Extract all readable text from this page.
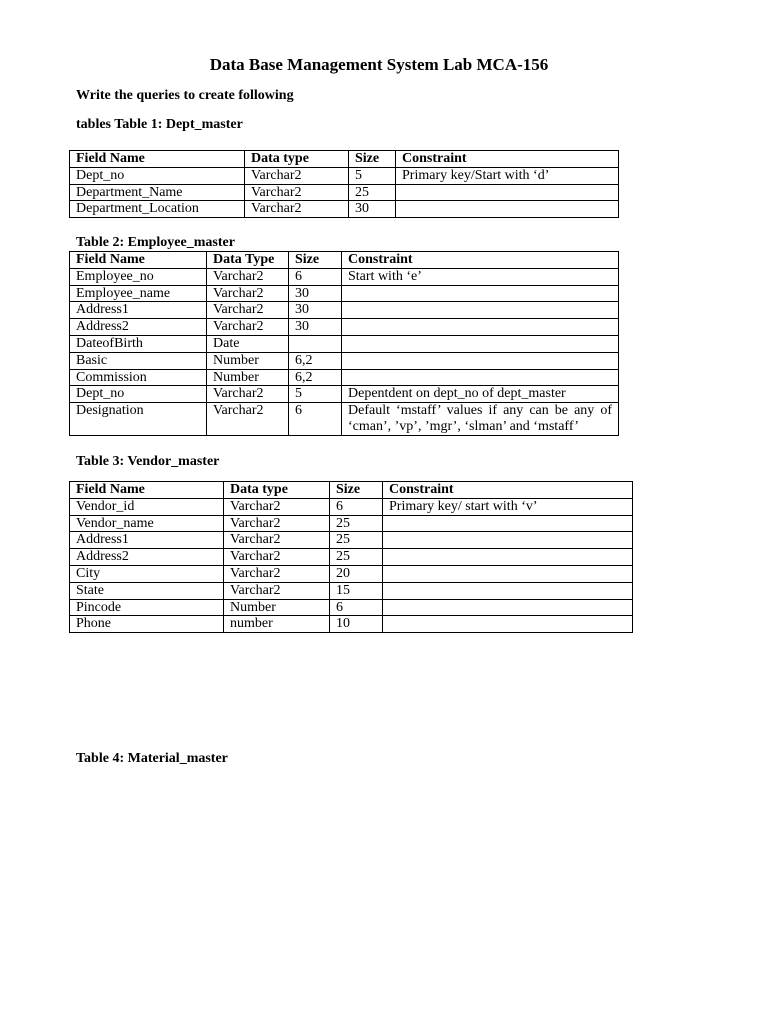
Data Base Management System Lab MCA-156
Write the queries to create following
tables Table 1: Dept_master
Field Name	Data type	Size	Constraint
Dept_no	Varchar2	5	Primary key/Start with ‘d’
Department_Name	Varchar2	25	
Department_Location	Varchar2	30	
Table 2: Employee_master
Field Name	Data Type	Size	Constraint
Employee_no	Varchar2	6	Start with ‘e’
Employee_name	Varchar2	30	
Address1	Varchar2	30	
Address2	Varchar2	30	
DateofBirth	Date		
Basic	Number	6,2	
Commission	Number	6,2	
Dept_no	Varchar2	5	Depentdent on dept_no of dept_master
Designation	Varchar2	6	Default ‘mstaff’ values if any can be any of ‘cman’, ’vp’, ’mgr’, ‘slman’ and ‘mstaff’
Table 3: Vendor_master
Field Name	Data type	Size	Constraint
Vendor_id	Varchar2	6	Primary key/ start with ‘v’
Vendor_name	Varchar2	25	
Address1	Varchar2	25	
Address2	Varchar2	25	
City	Varchar2	20	
State	Varchar2	15	
Pincode	Number	6	
Phone	number	10	
Table 4: Material_master
